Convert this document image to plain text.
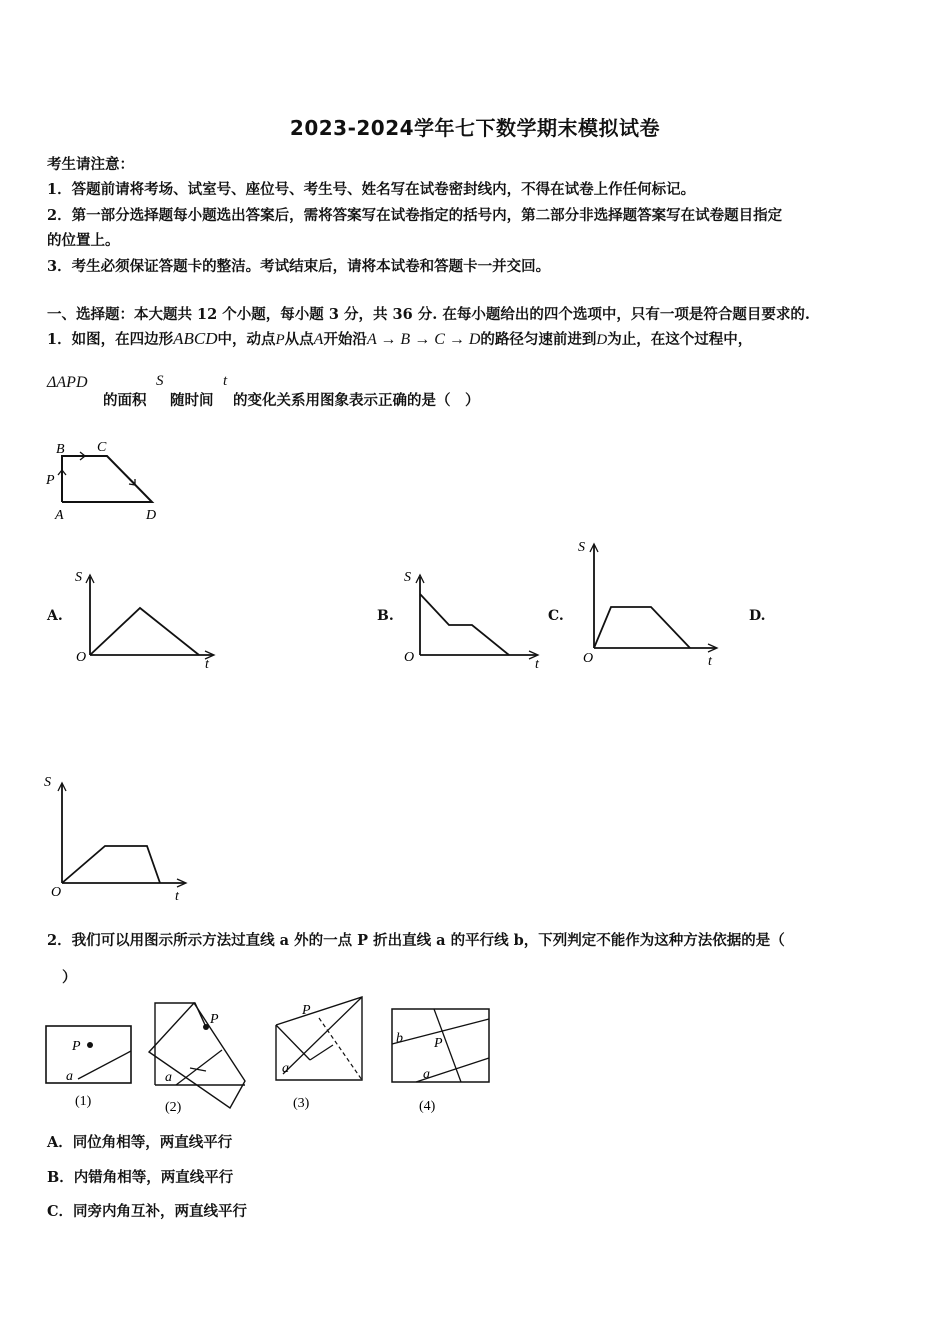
2023-2024学年七下数学期末模拟试卷
考生请注意：
1．答题前请将考场、试室号、座位号、考生号、姓名写在试卷密封线内，不得在试卷上作任何标记。
2．第一部分选择题每小题选出答案后，需将答案写在试卷指定的括号内，第二部分非选择题答案写在试卷题目指定
的位置上。
3．考生必须保证答题卡的整洁。考试结束后，请将本试卷和答题卡一并交回。
一、选择题：本大题共 12 个小题，每小题 3 分，共 36 分. 在每小题给出的四个选项中，只有一项是符合题目要求的.
1．如图，在四边形ABCD中，动点P从点A开始沿A → B → C → D的路径匀速前进到D为止，在这个过程中，
ΔAPD
的面积
S
随时间
t
的变化关系用图象表示正确的是（　）
B C
P
A	D
A.	B.	C.	D.
S
O	t
S
O	t
S
O	t
S
O	t
2．我们可以用图示所示方法过直线 a 外的一点 P 折出直线 a 的平行线 b，下列判定不能作为这种方法依据的是（
）
P
a
(1)
P
a
(2)
P
a
(3)
b P
a
(4)
A．同位角相等，两直线平行
B．内错角相等，两直线平行
C．同旁内角互补，两直线平行
